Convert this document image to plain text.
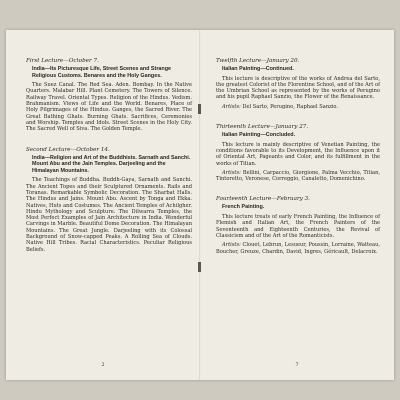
First Lecture—October 7.

India—Its Picturesque Life, Street Scenes and Strange Religious Customs. Benares and the Holy Ganges.

The Suez Canal. The Red Sea. Aden. Bombay. In the Native Quarters. Malabar Hill. Plant Cemetery. The Towers of Silence. Railway Travel. Oriental Types. Religion of the Hindus. Vedism. Brahmanism. Views of Life and the World. Benares, Place of Holy Pilgrimages of the Hindus. Ganges, the Sacred River. The Great Bathing Ghats. Burning Ghats. Sacrifices, Ceremonies and Worship. Temples and Idols. Street Scenes in the Holy City. The Sacred Well of Siva. The Golden Temple.

Second Lecture—October 14.

India—Religion and Art of the Buddhists. Sarnath and Sanchi. Mount Abu and the Jain Temples. Darjeeling and the Himalayan Mountains.

The Teachings of Buddha. Buddh-Gaya, Sarnath and Sanchi. The Ancient Topes and their Sculptured Ornaments. Rails and Toranas. Remarkable Symbolic Decoration. The Sharbat Halls. The Hindus and Jains. Mount Abu. Ascent by Tonga and Ekka. Natives, Huts and Costumes. The Ancient Temples of Achilgher. Hindu Mythology and Sculpture. The Dilwarra Temples, the Most Perfect Examples of Jain Architecture in India. Wonderful Carvings in Marble. Beautiful Dome Decoration. The Himalayan Mountains. The Great Jungle. Darjeeling with its Colossal Background of Snow-capped Peaks. A Rolling Sea of Clouds. Native Hill Tribes. Racial Characteristics. Peculiar Religious Beliefs.

2

Twelfth Lecture—January 20.

Italian Painting—Continued.

This lecture is descriptive of the works of Andrea del Sarto, the greatest Colorist of the Florentine School, and of the Art of the Umbrian School as represented by the works of Perugino and his pupil Raphael Sanzio, the Flower of the Renaissance.

Artists: Del Sarto, Perugino, Raphael Sanzio.

Thirteenth Lecture—January 27.

Italian Painting—Concluded.

This lecture is mainly descriptive of Venetian Painting, the conditions favorable to its Development, the Influence upon it of Oriental Art, Pageants and Color, and its fulfillment in the works of Titian.

Artists: Bellini, Carpaccio, Giorgione, Palma Vecchio, Titian, Tintoretto, Veronese, Correggio, Canaletto, Domenichino.

Fourteenth Lecture—February 3.

French Painting.

This lecture treats of early French Painting, the Influence of Flemish and Italian Art, the French Painters of the Seventeenth and Eighteenth Centuries, the Revival of Classicism and of the Art of the Romanticists.

Artists: Clouet, Lebrun, Lesueur, Poussin, Lorraine, Watteau, Boucher, Greuze, Chardin, David, Ingres, Géricault, Delacroix.

7
